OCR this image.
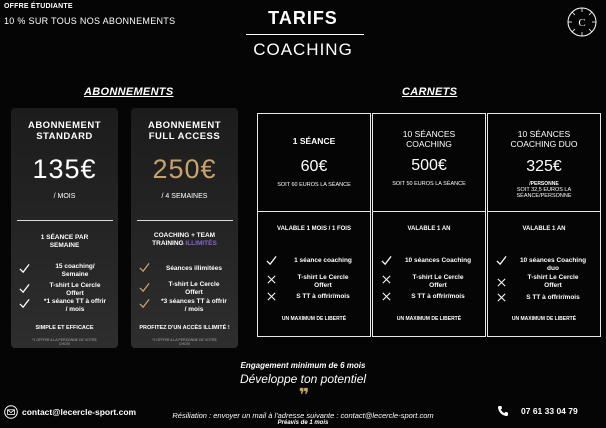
OFFRE ÉTUDIANTE
10 % SUR TOUS NOS ABONNEMENTS	TARIFS
COACHING
C
ABONNEMENTS	CARNETS
ABONNEMENT
STANDARD
135€
/ MOIS
1 SÉANCE PAR
SEMAINE
15 coaching/
Semaine
T-shirt Le Cercle
Offert
*1 séance TT à offrir
/ mois
SIMPLE ET EFFICACE
*1 OFFRIR A LA PERSONNE DE VOTRE CHOIX
ABONNEMENT
FULL ACCESS
250€
/ 4 SEMAINES
COACHING + TEAM
TRAINING ILLIMITÉS
Séances illimitées
T-shirt Le Cercle
Offert
*3 séances TT à offrir
/ mois
PROFITEZ D'UN ACCÈS ILLIMITÉ !
*3 OFFRIR A LA PERSONNE DE VOTRE CHOIX
1 SÉANCE
60€
SOIT 60 EUROS LA SÉANCE
VALABLE 1 MOIS / 1 FOIS
1 séance coaching
T-shirt Le Cercle
Offert
S TT à offrir/mois
UN MAXIMUM DE LIBERTÉ
10 SÉANCES
COACHING
500€
SOIT 50 EUROS LA SÉANCE
VALABLE 1 AN
10 séances Coaching
T-shirt Le Cercle
Offert
S TT à offrir/mois
UN MAXIMUM DE LIBERTÉ
10 SÉANCES
COACHING DUO
325€
/PERSONNE
SOIT 32,5 EUROS LA
SÉANCE/PERSONNE
VALABLE 1 AN
10 séances Coaching
duo
T-shirt Le Cercle
Offert
S TT à offrir/mois
UN MAXIMUM DE LIBERTÉ
Engagement minimum de 6 mois
Développe ton potentiel
❞
contact@lecercle-sport.com	Résiliation : envoyer un mail à l'adresse suivante : contact@lecercle-sport.com
Préavis de 1 mois
07 61 33 04 79
